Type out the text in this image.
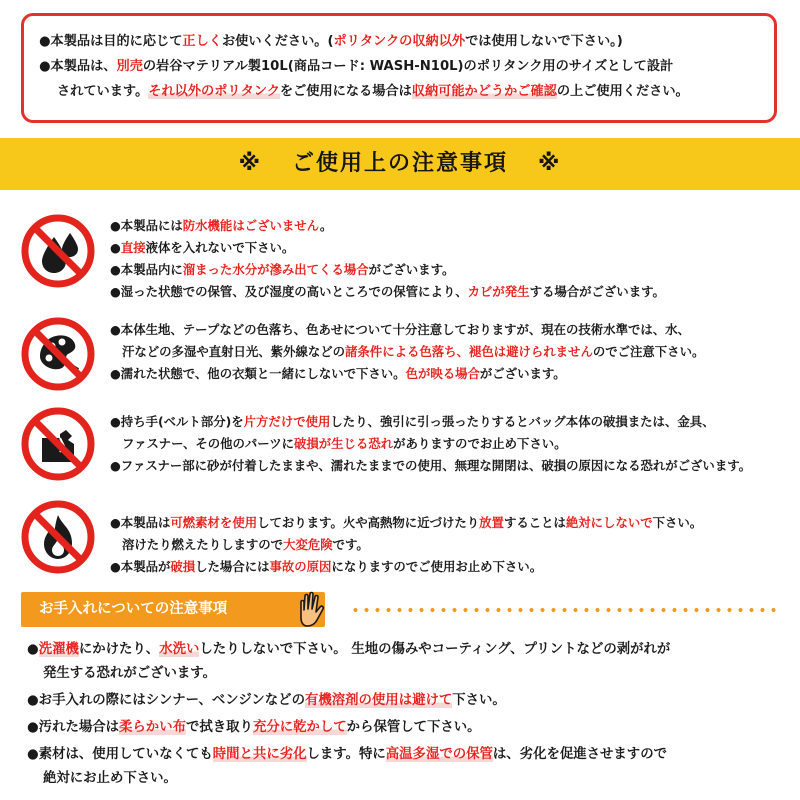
●本製品は目的に応じて正しくお使いください。(ポリタンクの収納以外では使用しないで下さい。)

●本製品は、別売の岩谷マテリアル製10L(商品コード: WASH-N10L)のポリタンク用のサイズとして設計

されています。それ以外のポリタンクをご使用になる場合は収納可能かどうかご確認の上ご使用ください。

※ ご使用上の注意事項 ※

●本製品には防水機能はございません。

●直接液体を入れないで下さい。

●本製品内に溜まった水分が滲み出てくる場合がございます。

●湿った状態での保管、及び湿度の高いところでの保管により、カビが発生する場合がございます。

●本体生地、テープなどの色落ち、色あせについて十分注意しておりますが、現在の技術水準では、水、

汗などの多湿や直射日光、紫外線などの諸条件による色落ち、褪色は避けられませんのでご注意下さい。

●濡れた状態で、他の衣類と一緒にしないで下さい。色が映る場合がございます。

●持ち手(ベルト部分)を片方だけで使用したり、強引に引っ張ったりするとバッグ本体の破損または、金具、

ファスナー、その他のパーツに破損が生じる恐れがありますのでお止め下さい。

●ファスナー部に砂が付着したままや、濡れたままでの使用、無理な開閉は、破損の原因になる恐れがございます。

●本製品は可燃素材を使用しております。火や高熱物に近づけたり放置することは絶対にしないで下さい。

溶けたり燃えたりしますので大変危険です。

●本製品が破損した場合には事故の原因になりますのでご使用お止め下さい。

お手入れについての注意事項

●洗濯機にかけたり、水洗いしたりしないで下さい。 生地の傷みやコーティング、プリントなどの剥がれが

発生する恐れがございます。

●お手入れの際にはシンナー、ベンジンなどの有機溶剤の使用は避けて下さい。

●汚れた場合は柔らかい布で拭き取り充分に乾かしてから保管して下さい。

●素材は、使用していなくても時間と共に劣化します。特に高温多湿での保管は、劣化を促進させますので

絶対にお止め下さい。
